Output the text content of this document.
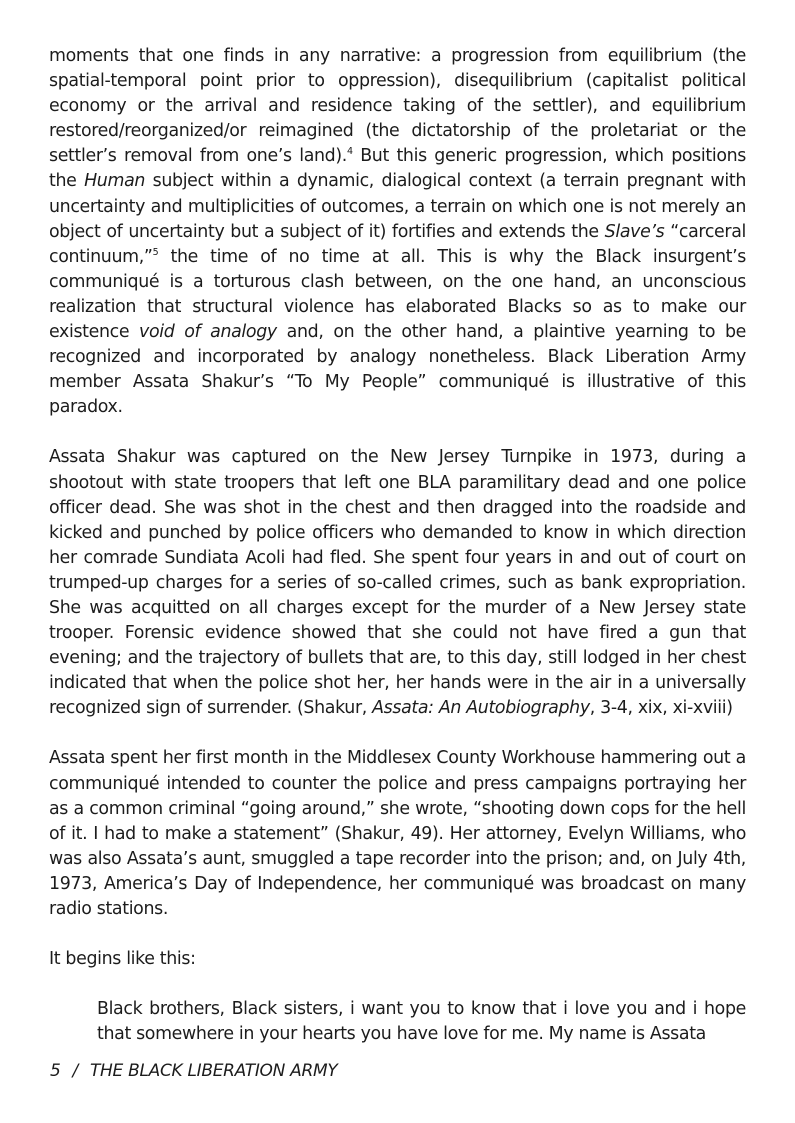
moments that one finds in any narrative: a progression from equilibrium (the spatial-temporal point prior to oppression), disequilibrium (capitalist political economy or the arrival and residence taking of the settler), and equilibrium restored/reorganized/or reimagined (the dictatorship of the proletariat or the settler’s removal from one’s land).$^4$ But this generic progression, which positions the Human subject within a dynamic, dialogical context (a terrain pregnant with uncertainty and multiplicities of outcomes, a terrain on which one is not merely an object of uncertainty but a subject of it) fortifies and extends the Slave’s “carceral continuum,”$^5$ the time of no time at all. This is why the Black insurgent’s communiqué is a torturous clash between, on the one hand, an unconscious realization that structural violence has elaborated Blacks so as to make our existence void of analogy and, on the other hand, a plaintive yearning to be recognized and incorporated by analogy nonetheless. Black Liberation Army member Assata Shakur’s “To My People” communiqué is illustrative of this paradox.

Assata Shakur was captured on the New Jersey Turnpike in 1973, during a shootout with state troopers that left one BLA paramilitary dead and one police officer dead. She was shot in the chest and then dragged into the roadside and kicked and punched by police officers who demanded to know in which direction her comrade Sundiata Acoli had fled. She spent four years in and out of court on trumped-up charges for a series of so-called crimes, such as bank expropriation. She was acquitted on all charges except for the murder of a New Jersey state trooper. Forensic evidence showed that she could not have fired a gun that evening; and the trajectory of bullets that are, to this day, still lodged in her chest indicated that when the police shot her, her hands were in the air in a universally recognized sign of surrender. (Shakur, Assata: An Autobiography, 3-4, xix, xi-xviii)

Assata spent her first month in the Middlesex County Workhouse hammering out a communiqué intended to counter the police and press campaigns portraying her as a common criminal “going around,” she wrote, “shooting down cops for the hell of it. I had to make a statement” (Shakur, 49). Her attorney, Evelyn Williams, who was also Assata’s aunt, smuggled a tape recorder into the prison; and, on July 4th, 1973, America’s Day of Independence, her communiqué was broadcast on many radio stations.

It begins like this:

Black brothers, Black sisters, i want you to know that i love you and i hope that somewhere in your hearts you have love for me. My name is Assata

5 / THE BLACK LIBERATION ARMY
